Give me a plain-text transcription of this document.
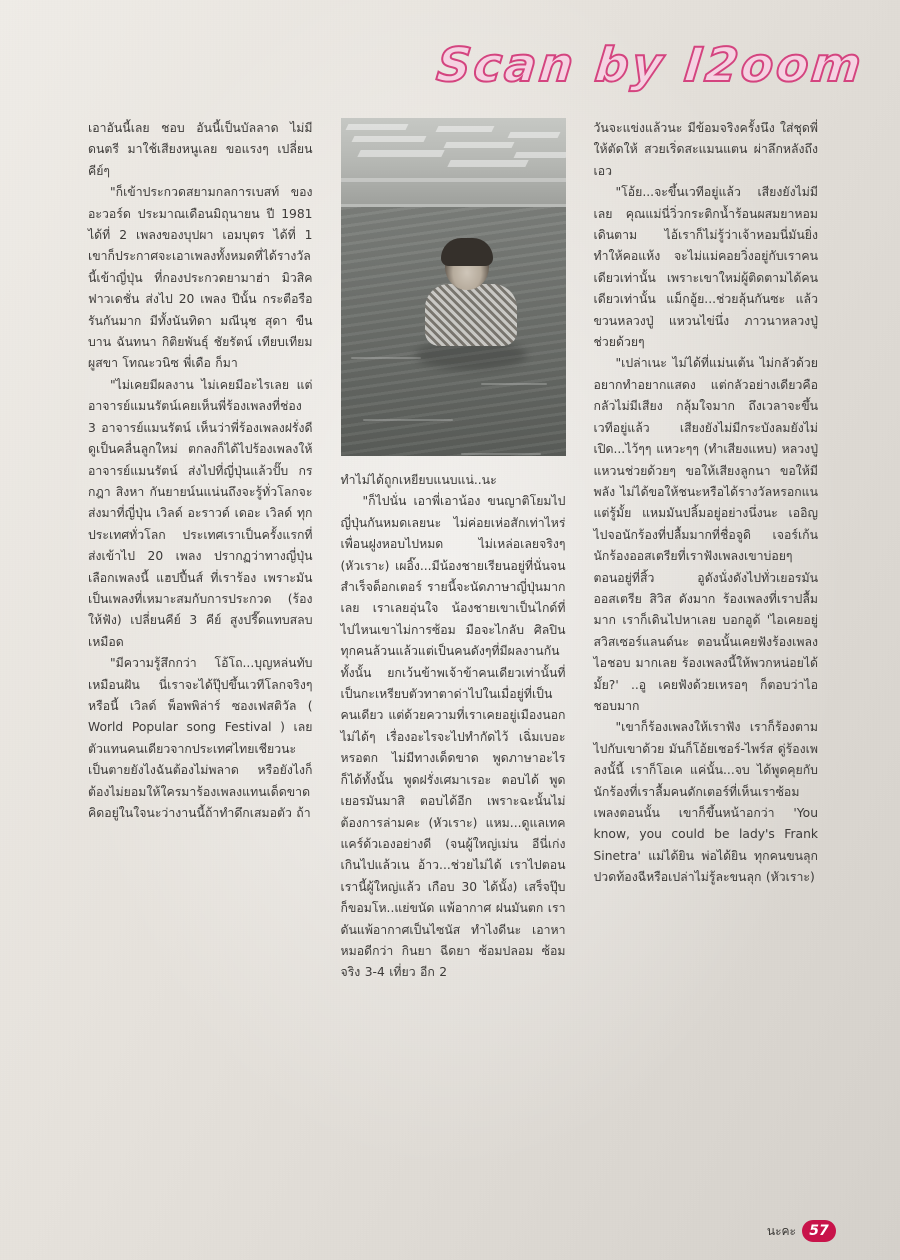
Scan by I2oom
เอาอันนี้เลย ชอบ อันนี้เป็นบัลลาด ไม่มีดนตรี มาใช้เสียงหนูเลย ขอแรงๆ เปลี่ยนคีย์ๆ
"ก็เข้าประกวดสยามกลการเบสท์ ของ อะวอร์ด ประมาณเดือนมิถุนายน ปี 1981 ได้ที่ 2 เพลงของบุปผา เอมบุตร ได้ที่ 1 เขาก็ประกาศจะเอาเพลงทั้งหมดที่ได้รางวัลนี้เข้าญี่ปุ่น ที่กองประกวดยามาฮ่า มิวสิคฟาวเดชั่น ส่งไป 20 เพลง ปีนั้น กระตือรือรันกันมาก มีทั้งนันทิดา มณีนุช สุดา ขืนบาน ฉันทนา กิติยพันธุ์ ชัยรัตน์ เทียบเทียม ผูสขา โทณะวนิซ พี่เดือ ก็มา
"ไม่เคยมีผลงาน ไม่เคยมีอะไรเลย แต่อาจารย์แมนรัตน์เคยเห็นพี่ร้องเพลงที่ช่อง 3 อาจารย์แมนรัตน์ เห็นว่าพี่ร้องเพลงฝรั่งดี ดูเป็นคลื่นลูกใหม่ ตกลงก็ได้ไปร้องเพลงให้อาจารย์แมนรัตน์ ส่งไปที่ญี่ปุ่นแล้วปั๊บ กรกฎา สิงหา กันยายน์นแน่นถึงจะรู้ทั่วโลกจะส่งมาที่ญี่ปุ่น เวิลด์ อะราวด์ เดอะ เวิลด์ ทุกประเทศทั่วโลก ประเทศเราเป็นครั้งแรกที่ส่งเข้าไป 20 เพลง ปรากฏว่าทางญี่ปุ่นเลือกเพลงนี้ แฮปปี้นส์ ที่เราร้อง เพราะมันเป็นเพลงที่เหมาะสมกับการประกวด (ร้องให้ฟัง) เปลี่ยนคีย์ 3 คีย์ สูงปรี๊ดแทบสลบเหมือด
"มีความรู้สึกกว่า โอ้โถ...บุญหล่นทับ เหมือนฝัน นี่เราจะได้ปุ๊ปขึ้นเวทีโลกจริงๆ หรือนี้ เวิลด์ พ็อพพิล่าร์ ซองเฟสติวัล ( World Popular song Festival ) เลย ตัวแทนคนเดียวจากประเทศไทยเชียวนะ เป็นตายยังไงฉันต้องไม่พลาด หรือยังไงก็ต้องไม่ยอมให้ใครมาร้องเพลงแทนเด็ดขาด คิดอยู่ในใจนะว่างานนี้ถ้าทำดึกเสมอตัว ถ้า
ทำไม่ได้ถูกเหยียบแนบแน่..นะ
"ก็ไปนั่น เอาพี่เอาน้อง ขนญาติโยมไปญี่ปุ่นกันหมดเลยนะ ไม่ค่อยเห่อสักเท่าไหร่ เพื่อนฝูงหอบไปหมด ไม่เหล่อเลยจริงๆ (หัวเราะ) เผอิ๊ง...มีน้องชายเรียนอยู่ที่นั่นจนสำเร็จด็อกเตอร์ รายนี้จะนัดภาษาญี่ปุ่นมากเลย เราเลยอุ่นใจ น้องชายเขาเป็นไกด์ที่ ไปไหนเขาไม่การซ้อม มือจะไกลับ ศิลปินทุกคนล้วนแล้วแต่เป็นคนดังๆที่มีผลงานกันทั้งนั้น ยกเว้นข้าพเจ้าข้าคนเดียวเท่านั้นที่เป็นกะเหรียบตัวทาตาด่าไปในเมื่อยู่ที่เป็นคนเดียว แต่ด้วยความที่เราเคยอยู่เมืองนอก ไม่ได้ๆ เรื่องอะไรจะไปทำกัดไว้ เฉิ่มเบอะหรอตก ไม่มีทางเด็ดขาด พูดภาษาอะไรก็ได้ทั้งนั้น พูดฝรั่งเศมาเรอะ ตอบได้ พูดเยอรมันมาสิ ตอบได้อีก เพราะฉะนั้นไม่ต้องการล่ามคะ (หัวเราะ) แหม...ดูแลเทคแคร์ด้วเองอย่างดี (จนผู้ใหญ่เม่น อีนี่เก่งเกินไปแล้วเน อ้าว...ช่วยไม่ได้ เราไปตอนเรานี้ผู้ใหญ่แล้ว เกือบ 30 ได้นั้ง) เสร็จปุ๊บ ก็ขอมโห..แย่ขนัด แพ้อากาศ ฝนมันตก เราดันแพ้อากาศเป็นไซนัส ทำไงดีนะ เอาหาหมอดีกว่า กินยา ฉีดยา ซ้อมปลอม ซ้อมจริง 3-4 เที่ยว อีก 2
วันจะแข่งแล้วนะ มีข้อมจริงครั้งนึง ใส่ชุดพี่ให้ตัดให้ สวยเริ่ดสะแมนแตน ผ่าลึกหลังถึงเอว
"โอ้ย...จะขึ้นเวทีอยู่แล้ว เสียงยังไม่มีเลย คุณแม่นี่วิ่วกระติกน้ำร้อนผสมยาหอมเดินตาม ไอ้เราก็ไม่รู้ว่าเจ้าหอมนี่มันยิ่งทำให้คอแห้ง จะไม่แม่คอยวิ่งอยู่กับเราคนเดียวเท่านั้น เพราะเขาใหม่ผู้ติดตามได้คนเดียวเท่านั้น แม็กอู้ย...ช่วยลุ้นกันซะ แล้วขวนหลวงปู่ แหวนไข่นึ่ง ภาวนาหลวงปู่ช่วยด้วยๆ
"เปล่าเนะ ไม่ได้ที่แม่นเต้น ไม่กลัวด้วย อยากทำอยากแสดง แต่กลัวอย่างเดียวคือกลัวไม่มีเสียง กลุ้มใจมาก ถึงเวลาจะขึ้นเวทีอยู่แล้ว เสียงยังไม่มีกระบังลมยังไม่เปิด...ไว้ๆๆ แหวะๆๆ (ทำเสียงแหบ) หลวงปู่แหวนช่วยด้วยๆ ขอให้เสียงลูกนา ขอให้มีพลัง ไม่ได้ขอให้ชนะหรือได้รางวัลหรอกแน แต่รู้มั้ย แหมมันปลิ้มอยู่อย่างนึ่งนะ เออิญไปจอนักร้องที่ปลื้มมากที่ชื่อจูดิ เจอร์เก้น นักร้องออสเตรียที่เราฟังเพลงเขาบ่อยๆ ตอนอยู่ที่สิ้ว อูดังนั่งดังไปทั่วเยอรมัน ออสเตรีย สิวิส ดังมาก ร้องเพลงที่เราปลื้มมาก เราก็เดินไปหาเลย บอกอูด้ 'ไอเคยอยู่สวิสเซอร์แลนด์นะ ตอนนั้นเคยฟังร้องเพลง ไอชอบ มากเลย ร้องเพลงนี้ให้พวกหน่อยได้มั้ย?' ..อู เคยฟังด้วยเหรอๆ ก็ตอบว่าไอชอบมาก
"เขาก็ร้องเพลงให้เราฟัง เราก็ร้องตามไปกับเขาด้วย มันก็โอ้ยเชอร์-ไพร์ส ดู่ร้องเพลงนั้นี้ เราก็โอเค แค่นั้น...จบ ได้พูดคุยกับนักร้องที่เราลื้มคนดักเตอร์ที่เห็นเราซ้อมเพลงตอนนั้น เขาก็ขึ้นหน้าอกว่า 'You know, you could be lady's Frank Sinetra' แม่ได้ยิน พ่อได้ยิน ทุกคนขนลุก ปวดท้องฉีหรือเปล่าไม่รู้ละขนลุก (หัวเราะ)
นะคะ 57
